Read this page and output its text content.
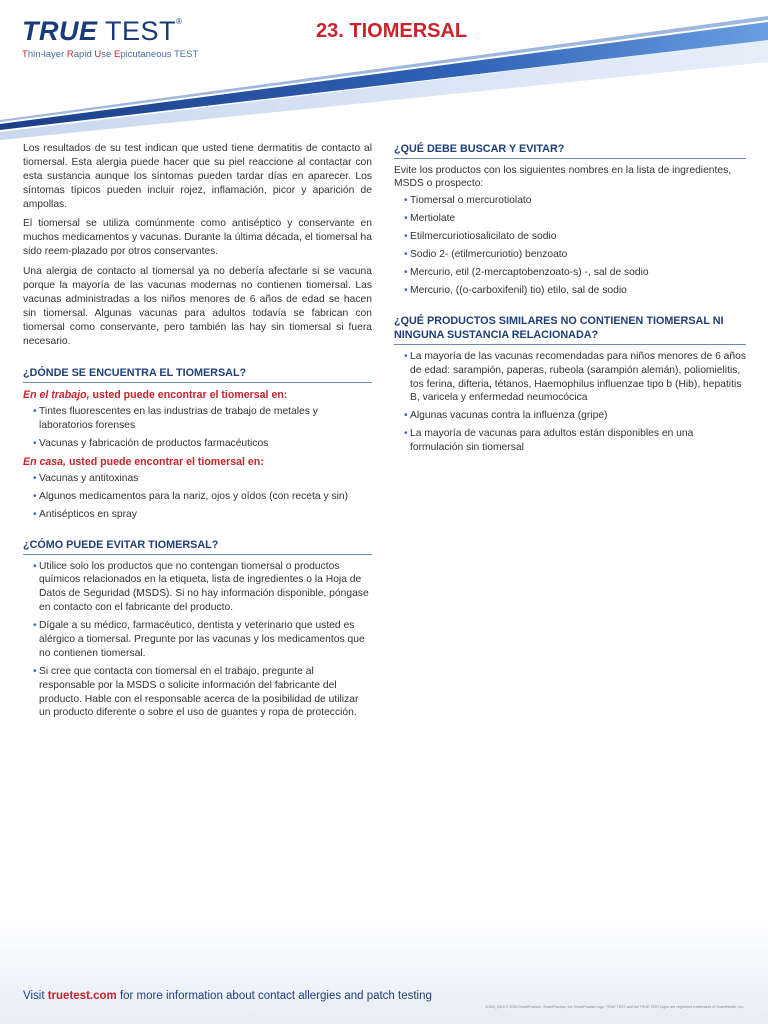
TRUE TEST®
Thin-layer Rapid Use Epicutaneous TEST
23. TIOMERSAL

Los resultados de su test indican que usted tiene dermatitis de contacto al tiomersal. Esta alergia puede hacer que su piel reaccione al contactar con esta sustancia aunque los síntomas pueden tardar días en aparecer. Los síntomas típicos pueden incluir rojez, inflamación, picor y aparición de ampollas.

El tiomersal se utiliza comúnmente como antiséptico y conservante en muchos medicamentos y vacunas. Durante la última década, el tiomersal ha sido reem-plazado por otros conservantes.

Una alergia de contacto al tiomersal ya no debería afectarle si se vacuna porque la mayoría de las vacunas modernas no contienen tiomersal. Las vacunas administradas a los niños menores de 6 años de edad se hacen sin tiomersal. Algunas vacunas para adultos todavía se fabrican con tiomersal como conservante, pero también las hay sin tiomersal si fuera necesario.

¿DÓNDE SE ENCUENTRA EL TIOMERSAL?
En el trabajo, usted puede encontrar el tiomersal en:
• Tintes fluorescentes en las industrias de trabajo de metales y laboratorios forenses
• Vacunas y fabricación de productos farmacéuticos
En casa, usted puede encontrar el tiomersal en:
• Vacunas y antitoxinas
• Algunos medicamentos para la nariz, ojos y oídos (con receta y sin)
• Antisépticos en spray
¿CÓMO PUEDE EVITAR TIOMERSAL?
• Utilice solo los productos que no contengan tiomersal o productos químicos relacionados en la etiqueta, lista de ingredientes o la Hoja de Datos de Seguridad (MSDS). Si no hay información disponible, póngase en contacto con el fabricante del producto.
• Dígale a su médico, farmacéutico, dentista y veterinario que usted es alérgico a tiomersal. Pregunte por las vacunas y los medicamentos que no contienen tiomersal.
• Si cree que contacta con tiomersal en el trabajo, pregunte al responsable por la MSDS o solicite información del fabricante del producto. Hable con el responsable acerca de la posibilidad de utilizar un producto diferente o sobre el uso de guantes y ropa de protección.
¿QUÉ DEBE BUSCAR Y EVITAR?

Evite los productos con los siguientes nombres en la lista de ingredientes, MSDS o prospecto:

• Tiomersal o mercurotiolato
• Mertiolate
• Etilmercuriotiosalicilato de sodio
• Sodio 2- (etilmercuriotio) benzoato
• Mercurio, etil (2-mercaptobenzoato-s) -, sal de sodio
• Mercurio, ((o-carboxifenil) tio) etilo, sal de sodio
¿QUÉ PRODUCTOS SIMILARES NO CONTIENEN TIOMERSAL NI NINGUNA SUSTANCIA RELACIONADA?
• La mayoría de las vacunas recomendadas para niños menores de 6 años de edad: sarampión, paperas, rubeola (sarampión alemán), poliomielitis, tos ferina, difteria, tétanos, Haemophilus influenzae tipo b (Hib), hepatitis B, varicela y enfermedad neumocócica
• Algunas vacunas contra la influenza (gripe)
• La mayoría de vacunas para adultos están disponibles en una formulación sin tiomersal
Visit truetest.com for more information about contact allergies and patch testing
01004_0315 © 2015 SmartPractice. SmartPractice, the SmartPractice logo, TRUE TEST and the TRUE TEST logos are registered trademarks of SmartHealth, Inc.
